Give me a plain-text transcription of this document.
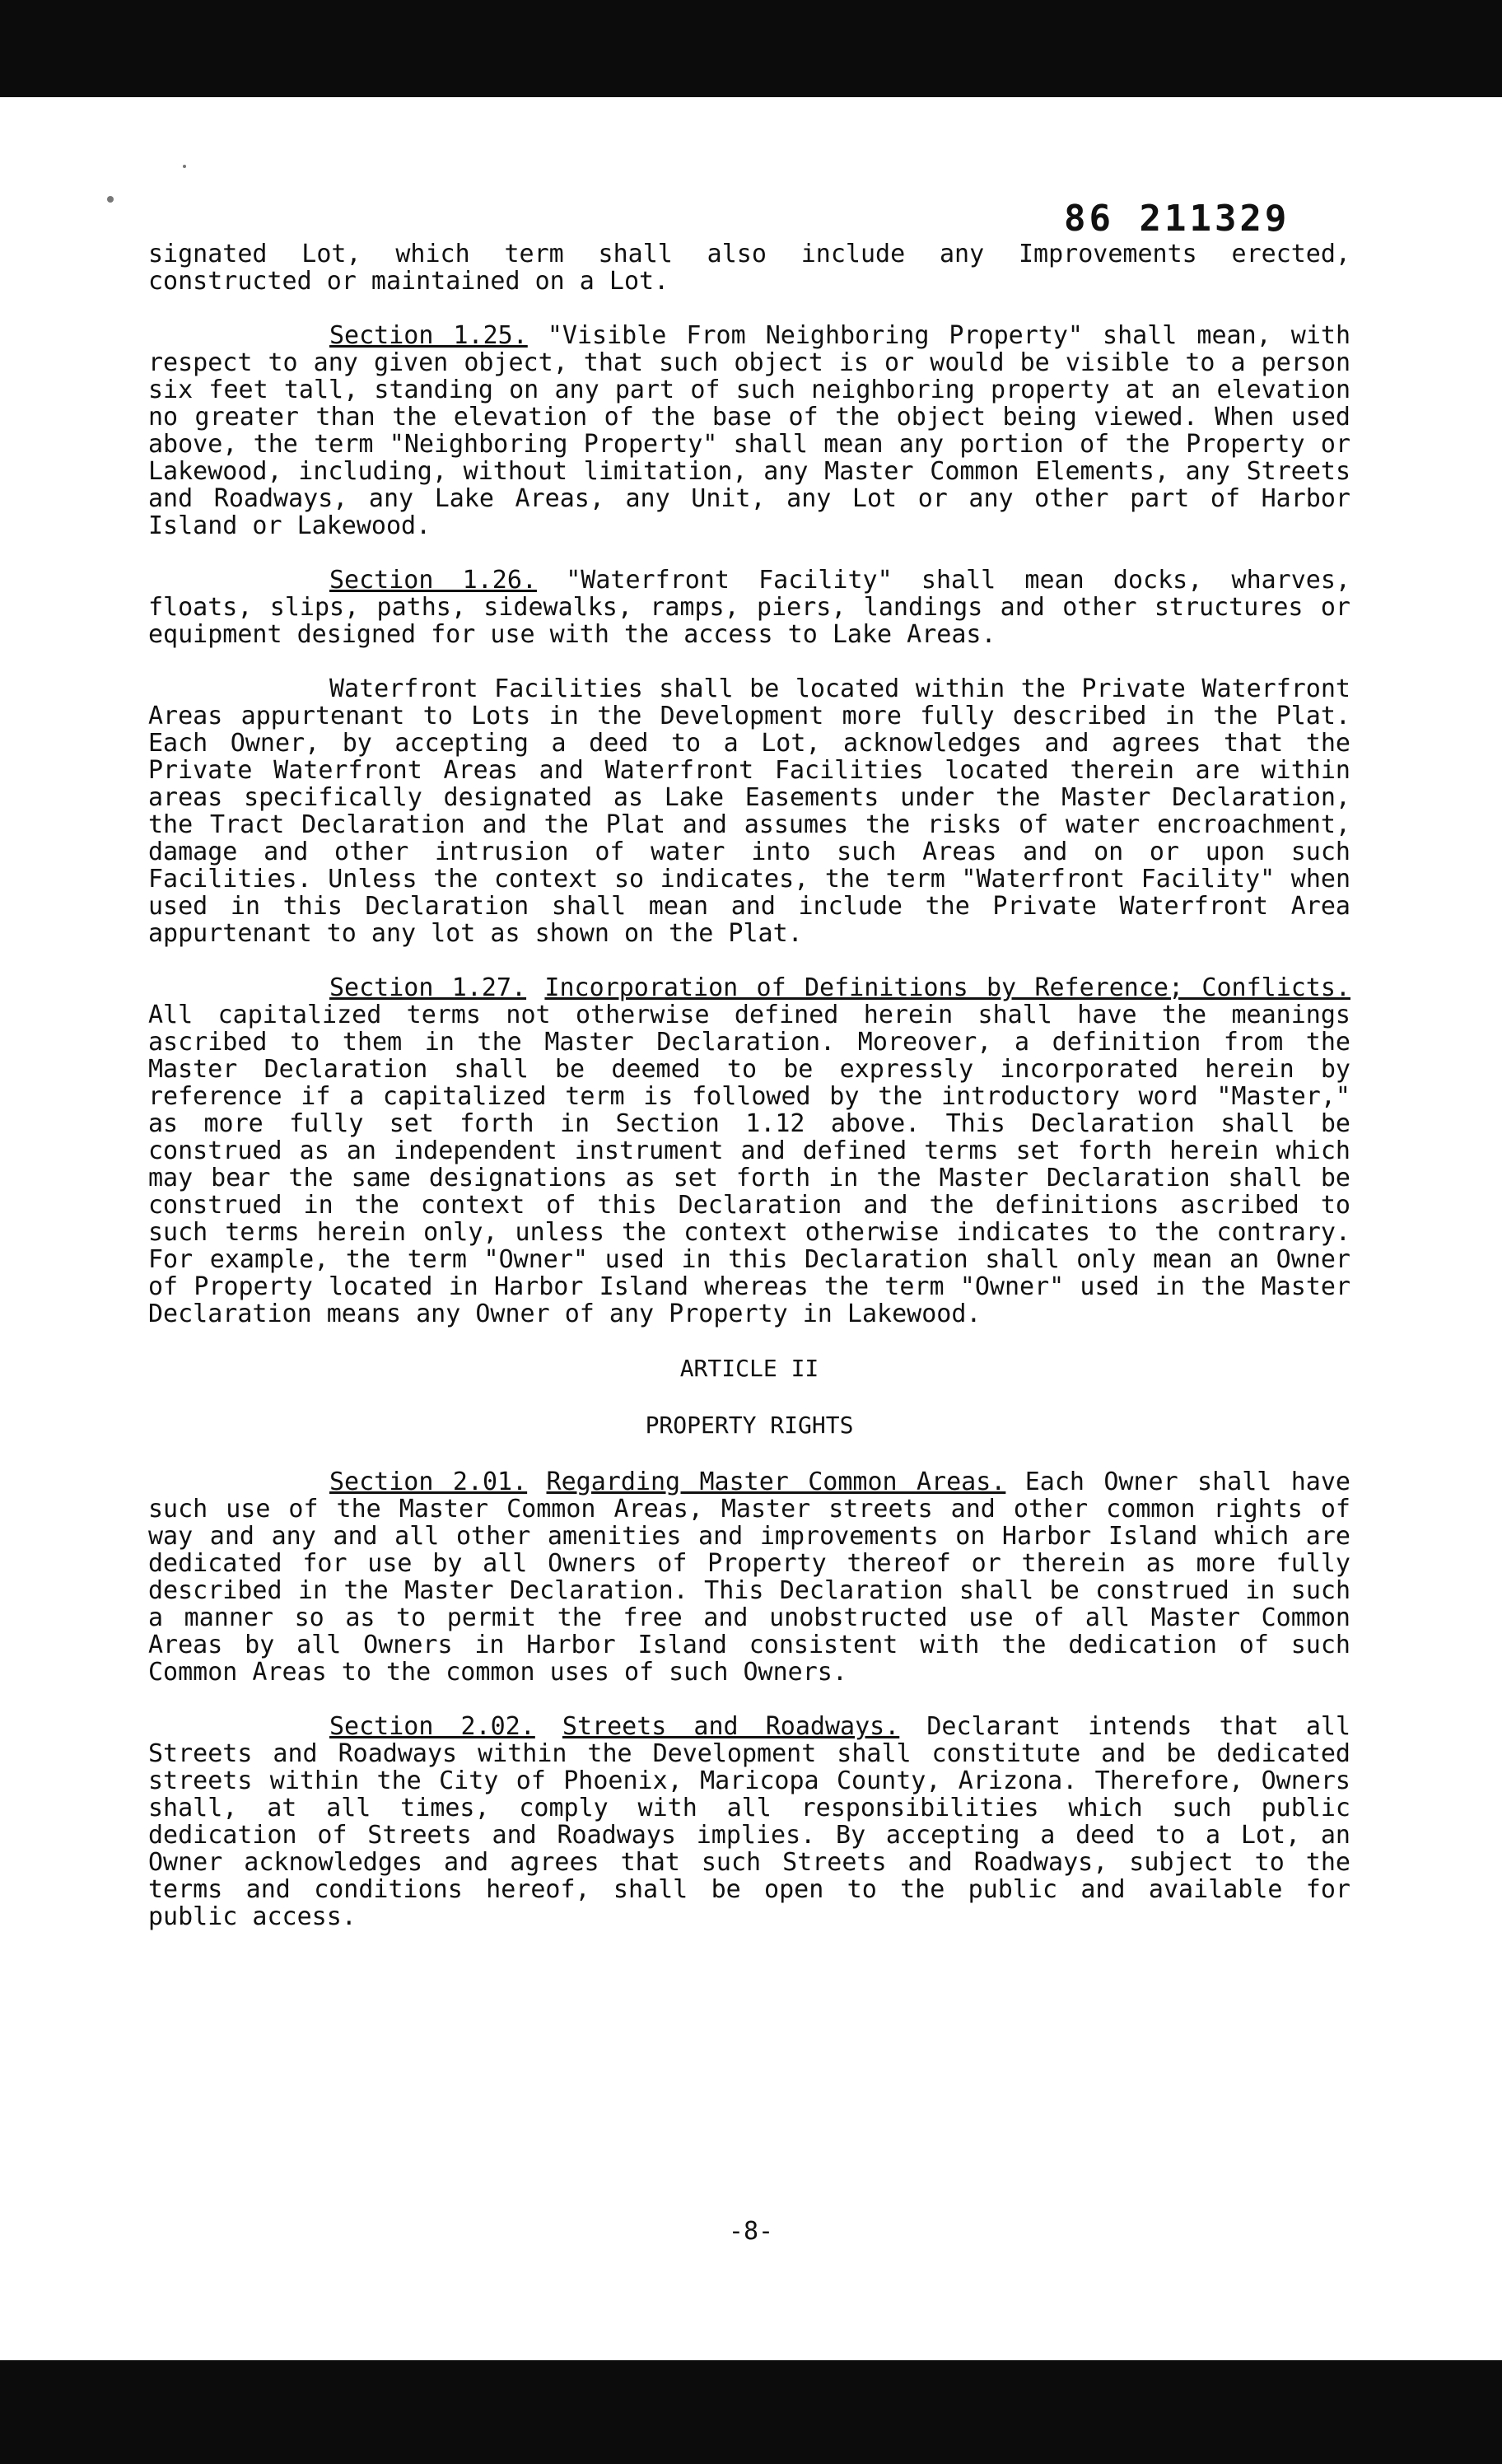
86 211329

signated Lot, which term shall also include any Improvements erected, constructed or maintained on a Lot.

Section 1.25. "Visible From Neighboring Property" shall mean, with respect to any given object, that such object is or would be visible to a person six feet tall, standing on any part of such neighboring property at an elevation no greater than the elevation of the base of the object being viewed. When used above, the term "Neighboring Property" shall mean any portion of the Property or Lakewood, including, without limitation, any Master Common Elements, any Streets and Roadways, any Lake Areas, any Unit, any Lot or any other part of Harbor Island or Lakewood.

Section 1.26. "Waterfront Facility" shall mean docks, wharves, floats, slips, paths, sidewalks, ramps, piers, landings and other structures or equipment designed for use with the access to Lake Areas.

Waterfront Facilities shall be located within the Private Waterfront Areas appurtenant to Lots in the Development more fully described in the Plat. Each Owner, by accepting a deed to a Lot, acknowledges and agrees that the Private Waterfront Areas and Waterfront Facilities located therein are within areas specifically designated as Lake Easements under the Master Declaration, the Tract Declaration and the Plat and assumes the risks of water encroachment, damage and other intrusion of water into such Areas and on or upon such Facilities. Unless the context so indicates, the term "Waterfront Facility" when used in this Declaration shall mean and include the Private Waterfront Area appurtenant to any lot as shown on the Plat.

Section 1.27. Incorporation of Definitions by Reference; Conflicts. All capitalized terms not otherwise defined herein shall have the meanings ascribed to them in the Master Declaration. Moreover, a definition from the Master Declaration shall be deemed to be expressly incorporated herein by reference if a capitalized term is followed by the introductory word "Master," as more fully set forth in Section 1.12 above. This Declaration shall be construed as an independent instrument and defined terms set forth herein which may bear the same designations as set forth in the Master Declaration shall be construed in the context of this Declaration and the definitions ascribed to such terms herein only, unless the context otherwise indicates to the contrary. For example, the term "Owner" used in this Declaration shall only mean an Owner of Property located in Harbor Island whereas the term "Owner" used in the Master Declaration means any Owner of any Property in Lakewood.

ARTICLE II
PROPERTY RIGHTS

Section 2.01. Regarding Master Common Areas. Each Owner shall have such use of the Master Common Areas, Master streets and other common rights of way and any and all other amenities and improvements on Harbor Island which are dedicated for use by all Owners of Property thereof or therein as more fully described in the Master Declaration. This Declaration shall be construed in such a manner so as to permit the free and unobstructed use of all Master Common Areas by all Owners in Harbor Island consistent with the dedication of such Common Areas to the common uses of such Owners.

Section 2.02. Streets and Roadways. Declarant intends that all Streets and Roadways within the Development shall constitute and be dedicated streets within the City of Phoenix, Maricopa County, Arizona. Therefore, Owners shall, at all times, comply with all responsibilities which such public dedication of Streets and Roadways implies. By accepting a deed to a Lot, an Owner acknowledges and agrees that such Streets and Roadways, subject to the terms and conditions hereof, shall be open to the public and available for public access.

-8-
